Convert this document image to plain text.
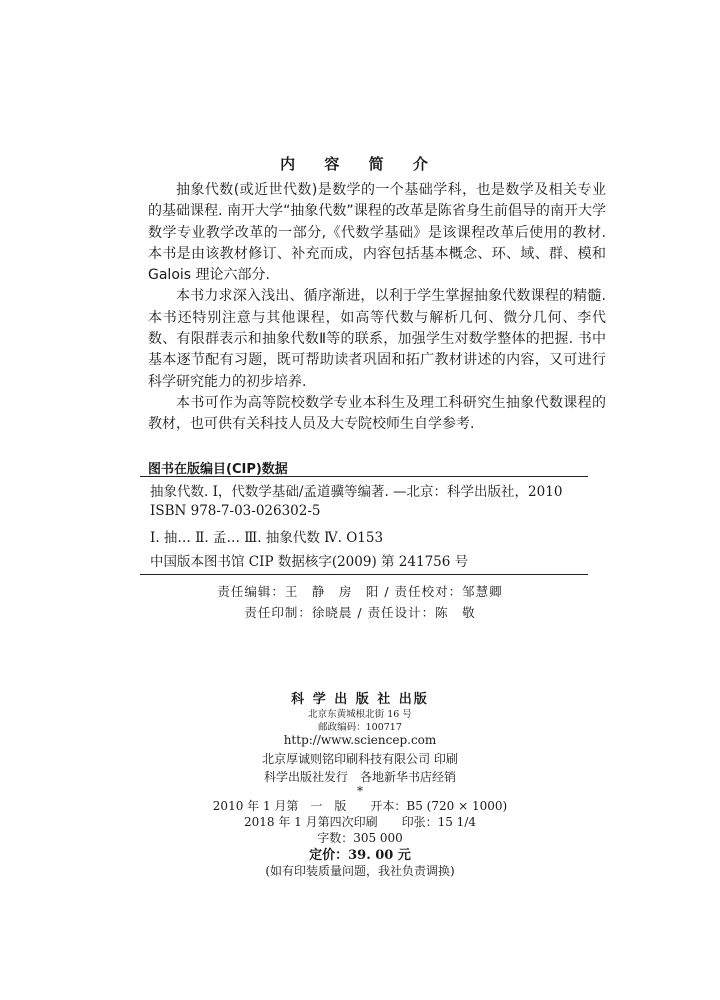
内 容 简 介

抽象代数(或近世代数)是数学的一个基础学科，也是数学及相关专业的基础课程. 南开大学“抽象代数”课程的改革是陈省身生前倡导的南开大学数学专业教学改革的一部分,《代数学基础》是该课程改革后使用的教材. 本书是由该教材修订、补充而成，内容包括基本概念、环、域、群、模和Galois 理论六部分.

本书力求深入浅出、循序渐进，以利于学生掌握抽象代数课程的精髓. 本书还特别注意与其他课程，如高等代数与解析几何、微分几何、李代数、有限群表示和抽象代数Ⅱ等的联系，加强学生对数学整体的把握. 书中基本逐节配有习题，既可帮助读者巩固和拓广教材讲述的内容，又可进行科学研究能力的初步培养.

本书可作为高等院校数学专业本科生及理工科研究生抽象代数课程的教材，也可供有关科技人员及大专院校师生自学参考.

图书在版编目(CIP)数据
抽象代数. I，代数学基础/孟道骥等编著. —北京：科学出版社，2010
ISBN 978-7-03-026302-5
Ⅰ. 抽… Ⅱ. 孟… Ⅲ. 抽象代数 Ⅳ. O153
中国版本图书馆 CIP 数据核字(2009) 第 241756 号
责任编辑：王　静　房　阳 / 责任校对：邹慧卿
责任印制：徐晓晨 / 责任设计：陈　敬
科 学 出 版 社 出版
北京东黄城根北街 16 号
邮政编码：100717
http://www.sciencep.com
北京厚诚则铭印刷科技有限公司 印刷
科学出版社发行　各地新华书店经销
*
2010 年 1 月第　一　版　　开本：B5 (720 × 1000)
2018 年 1 月第四次印刷　　印张：15 1/4
字数：305 000
定价：39. 00 元
(如有印装质量问题，我社负责调换)
